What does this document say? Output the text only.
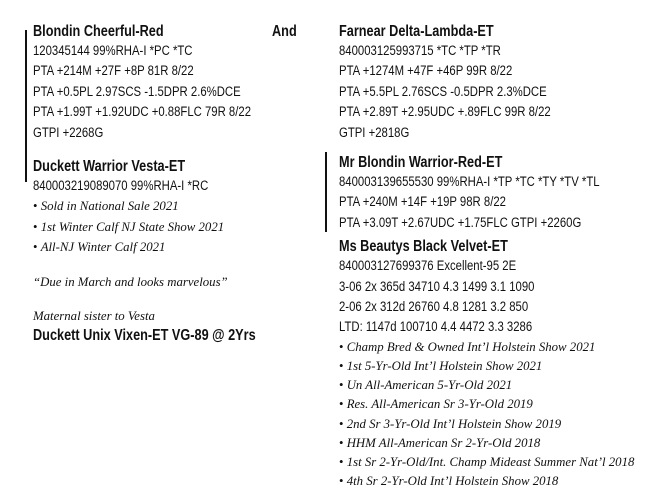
And
Blondin Cheerful-Red
120345144 99%RHA-I *PC *TC
PTA +214M +27F +8P 81R 8/22
PTA +0.5PL 2.97SCS -1.5DPR 2.6%DCE
PTA +1.99T +1.92UDC +0.88FLC 79R 8/22
GTPI +2268G
Duckett Warrior Vesta-ET
840003219089070 99%RHA-I *RC
• Sold in National Sale 2021
• 1st Winter Calf NJ State Show 2021
• All-NJ Winter Calf 2021
“Due in March and looks marvelous”
Maternal sister to Vesta
Duckett Unix Vixen-ET VG-89 @ 2Yrs
Farnear Delta-Lambda-ET
840003125993715 *TC *TP *TR
PTA +1274M +47F +46P 99R 8/22
PTA +5.5PL 2.76SCS -0.5DPR 2.3%DCE
PTA +2.89T +2.95UDC +.89FLC 99R 8/22
GTPI +2818G
Mr Blondin Warrior-Red-ET
840003139655530 99%RHA-I *TP *TC *TY *TV *TL
PTA +240M +14F +19P 98R 8/22
PTA +3.09T +2.67UDC +1.75FLC GTPI +2260G
Ms Beautys Black Velvet-ET
840003127699376 Excellent-95 2E
3-06 2x 365d 34710 4.3 1499 3.1 1090
2-06 2x 312d 26760 4.8 1281 3.2 850
LTD: 1147d 100710 4.4 4472 3.3 3286
• Champ Bred & Owned Int’l Holstein Show 2021
• 1st 5-Yr-Old Int’l Holstein Show 2021
• Un All-American 5-Yr-Old 2021
• Res. All-American Sr 3-Yr-Old 2019
• 2nd Sr 3-Yr-Old Int’l Holstein Show 2019
• HHM All-American Sr 2-Yr-Old 2018
• 1st Sr 2-Yr-Old/Int. Champ Mideast Summer Nat’l 2018
• 4th Sr 2-Yr-Old Int’l Holstein Show 2018
